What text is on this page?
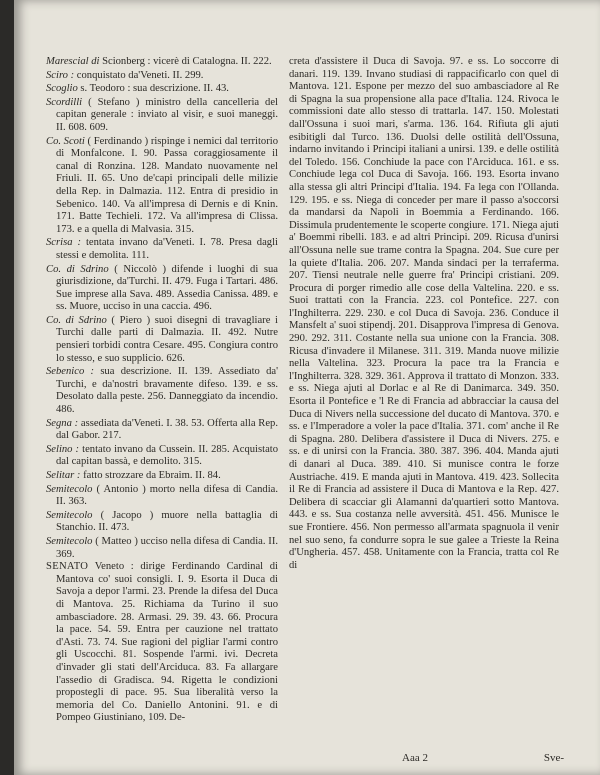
Marescial di Scionberg : vicerè di Catalogna. II. 222.

Sciro : conquistato da'Veneti. II. 299.

Scoglio s. Teodoro : sua descrizione. II. 43.

Scordilli ( Stefano ) ministro della cancelleria del capitan generale : inviato al visir, e suoi maneggi. II. 608. 609.

Co. Scoti ( Ferdinando ) rispinge i nemici dal territorio di Monfalcone. I. 90. Passa coraggiosamente il canal di Ronzina. 128. Mandato nuovamente nel Friuli. II. 65. Uno de'capi principali delle milizie della Rep. in Dalmazia. 112. Entra di presidio in Sebenico. 140. Va all'impresa di Dernis e di Knin. 171. Batte Techieli. 172. Va all'impresa di Clissa. 173. e a quella di Malvasia. 315.

Scrisa : tentata invano da'Veneti. I. 78. Presa dagli stessi e demolita. 111.

Co. di Sdrino ( Niccolò ) difende i luoghi di sua giurisdizione, da'Turchi. II. 479. Fuga i Tartari. 486. Sue imprese alla Sava. 489. Assedia Canissa. 489. e ss. Muore, ucciso in una caccia. 496.

Co. di Sdrino ( Piero ) suoi disegni di travagliare i Turchi dalle parti di Dalmazia. II. 492. Nutre pensieri torbidi contra Cesare. 495. Congiura contro lo stesso, e suo supplicio. 626.

Sebenico : sua descrizione. II. 139. Assediato da' Turchi, e da'nostri bravamente difeso. 139. e ss. Desolato dalla peste. 256. Danneggiato da incendio. 486.

Segna : assediata da'Veneti. I. 38. 53. Offerta alla Rep. dal Gabor. 217.

Selino : tentato invano da Cussein. II. 285. Acquistato dal capitan bassà, e demolito. 315.

Selitar : fatto strozzare da Ebraim. II. 84.

Semitecolo ( Antonio ) morto nella difesa di Candia. II. 363.

Semitecolo ( Jacopo ) muore nella battaglia di Stanchio. II. 473.

Semitecolo ( Matteo ) ucciso nella difesa di Candia. II. 369.

SENATO Veneto : dirige Ferdinando Cardinal di Mantova co' suoi consigli. I. 9. Esorta il Duca di Savoja a depor l'armi. 23. Prende la difesa del Duca di Mantova. 25. Richiama da Turino il suo ambasciadore. 28. Armasi. 29. 39. 43. 66. Procura la pace. 54. 59. Entra per cauzione nel trattato d'Asti. 73. 74. Sue ragioni del pigliar l'armi contro gli Uscocchi. 81. Sospende l'armi. ivi. Decreta d'invader gli stati dell'Arciduca. 83. Fa allargare l'assedio di Gradisca. 94. Rigetta le condizioni propostegli di pace. 95. Sua liberalità verso la memoria del Co. Daniello Antonini. 91. e di Pompeo Giustiniano, 109. De-

creta d'assistere il Duca di Savoja. 97. e ss. Lo soccorre di danari. 119. 139. Invano studiasi di rappacificarlo con quel di Mantova. 121. Espone per mezzo del suo ambasciadore al Re di Spagna la sua propensione alla pace d'Italia. 124. Rivoca le commissioni date allo stesso di trattarla. 147. 150. Molestati dall'Ossuna i suoi mari, s'arma. 136. 164. Rifiuta gli ajuti esibitigli dal Turco. 136. Duolsi delle ostilità dell'Ossuna, indarno invitando i Principi italiani a unirsi. 139. e delle ostilità del Toledo. 156. Conchiude la pace con l'Arciduca. 161. e ss. Conchiude lega col Duca di Savoja. 166. 193. Esorta invano alla stessa gli altri Principi d'Italia. 194. Fa lega con l'Ollanda. 129. 195. e ss. Niega di conceder per mare il passo a'soccorsi da mandarsi da Napoli in Boemmia a Ferdinando. 166. Dissimula prudentemente le scoperte congiure. 171. Niega ajuti a' Boemmi ribelli. 183. e ad altri Principi. 209. Ricusa d'unirsi all'Ossuna nelle sue trame contra la Spagna. 204. Sue cure per la quiete d'Italia. 206. 207. Manda sindaci per la terraferma. 207. Tiensi neutrale nelle guerre fra' Principi cristiani. 209. Procura di porger rimedio alle cose della Valtelina. 220. e ss. Suoi trattati con la Francia. 223. col Pontefice. 227. con l'Inghilterra. 229. 230. e col Duca di Savoja. 236. Conduce il Mansfelt a' suoi stipendj. 201. Disapprova l'impresa di Genova. 290. 292. 311. Costante nella sua unione con la Francia. 308. Ricusa d'invadere il Milanese. 311. 319. Manda nuove milizie nella Valtelina. 323. Procura la pace tra la Francia e l'Inghilterra. 328. 329. 361. Approva il trattato di Monzon. 333. e ss. Niega ajuti al Dorlac e al Re di Danimarca. 349. 350. Esorta il Pontefice e 'l Re di Francia ad abbracciar la causa del Duca di Nivers nella successione del ducato di Mantova. 370. e ss. e l'Imperadore a voler la pace d'Italia. 371. com' anche il Re di Spagna. 280. Delibera d'assistere il Duca di Nivers. 275. e ss. e di unirsi con la Francia. 380. 387. 396. 404. Manda ajuti di danari al Duca. 389. 410. Si munisce contra le forze Austriache. 419. E manda ajuti in Mantova. 419. 423. Sollecita il Re di Francia ad assistere il Duca di Mantova e la Rep. 427. Delibera di scacciar gli Alamanni da'quartieri sotto Mantova. 443. e ss. Sua costanza nelle avversità. 451. 456. Munisce le sue Frontiere. 456. Non permesso all'armata spagnuola il venir nel suo seno, fa condurre sopra le sue galee a Trieste la Reina d'Ungheria. 457. 458. Unitamente con la Francia, tratta col Re di

Aaa 2	Sve-
